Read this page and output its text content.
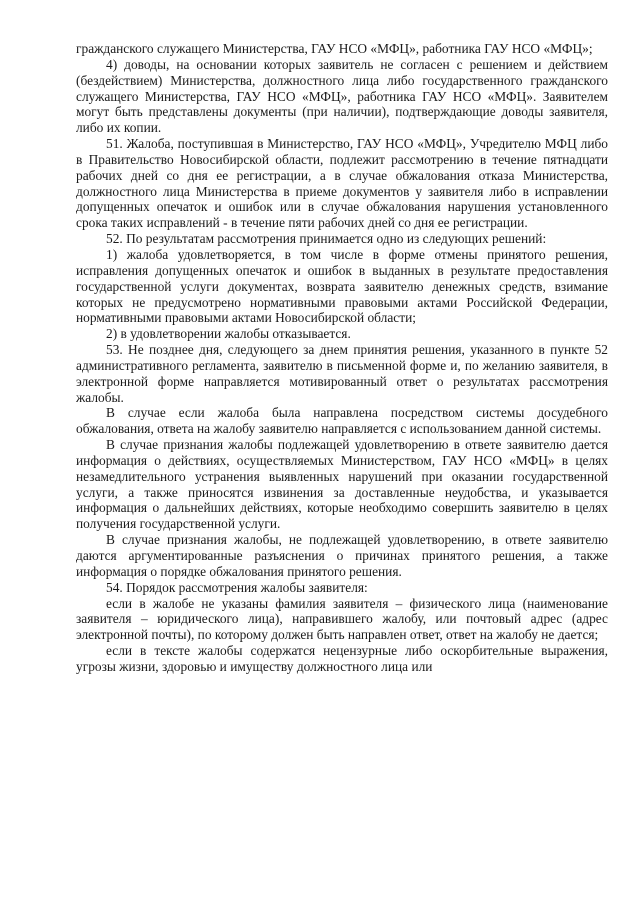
гражданского служащего Министерства, ГАУ НСО «МФЦ», работника ГАУ НСО «МФЦ»;

4) доводы, на основании которых заявитель не согласен с решением и действием (бездействием) Министерства, должностного лица либо государственного гражданского служащего Министерства, ГАУ НСО «МФЦ», работника ГАУ НСО «МФЦ». Заявителем могут быть представлены документы (при наличии), подтверждающие доводы заявителя, либо их копии.

51. Жалоба, поступившая в Министерство, ГАУ НСО «МФЦ», Учредителю МФЦ либо в Правительство Новосибирской области, подлежит рассмотрению в течение пятнадцати рабочих дней со дня ее регистрации, а в случае обжалования отказа Министерства, должностного лица Министерства в приеме документов у заявителя либо в исправлении допущенных опечаток и ошибок или в случае обжалования нарушения установленного срока таких исправлений - в течение пяти рабочих дней со дня ее регистрации.

52. По результатам рассмотрения принимается одно из следующих решений:

1) жалоба удовлетворяется, в том числе в форме отмены принятого решения, исправления допущенных опечаток и ошибок в выданных в результате предоставления государственной услуги документах, возврата заявителю денежных средств, взимание которых не предусмотрено нормативными правовыми актами Российской Федерации, нормативными правовыми актами Новосибирской области;

2) в удовлетворении жалобы отказывается.

53. Не позднее дня, следующего за днем принятия решения, указанного в пункте 52 административного регламента, заявителю в письменной форме и, по желанию заявителя, в электронной форме направляется мотивированный ответ о результатах рассмотрения жалобы.

В случае если жалоба была направлена посредством системы досудебного обжалования, ответа на жалобу заявителю направляется с использованием данной системы.

В случае признания жалобы подлежащей удовлетворению в ответе заявителю дается информация о действиях, осуществляемых Министерством, ГАУ НСО «МФЦ» в целях незамедлительного устранения выявленных нарушений при оказании государственной услуги, а также приносятся извинения за доставленные неудобства, и указывается информация о дальнейших действиях, которые необходимо совершить заявителю в целях получения государственной услуги.

В случае признания жалобы, не подлежащей удовлетворению, в ответе заявителю даются аргументированные разъяснения о причинах принятого решения, а также информация о порядке обжалования принятого решения.

54. Порядок рассмотрения жалобы заявителя:

если в жалобе не указаны фамилия заявителя – физического лица (наименование заявителя – юридического лица), направившего жалобу, или почтовый адрес (адрес электронной почты), по которому должен быть направлен ответ, ответ на жалобу не дается;

если в тексте жалобы содержатся нецензурные либо оскорбительные выражения, угрозы жизни, здоровью и имуществу должностного лица или
